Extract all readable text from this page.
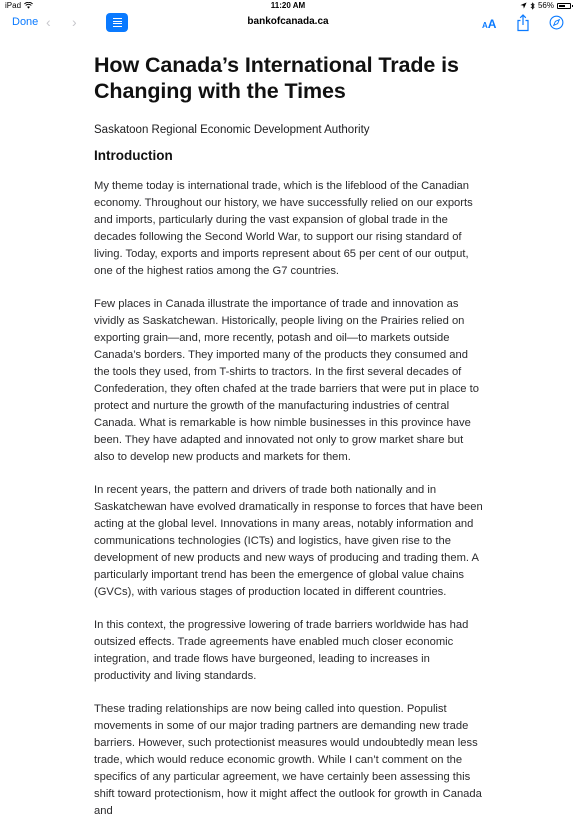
iPad	11:20 AM	56%
Done ‹ ›	bankofcanada.ca	AA
How Canada’s International Trade is Changing with the Times

Saskatoon Regional Economic Development Authority

Introduction

My theme today is international trade, which is the lifeblood of the Canadian economy. Throughout our history, we have successfully relied on our exports and imports, particularly during the vast expansion of global trade in the decades following the Second World War, to support our rising standard of living. Today, exports and imports represent about 65 per cent of our output, one of the highest ratios among the G7 countries.

Few places in Canada illustrate the importance of trade and innovation as vividly as Saskatchewan. Historically, people living on the Prairies relied on exporting grain—and, more recently, potash and oil—to markets outside Canada’s borders. They imported many of the products they consumed and the tools they used, from T-shirts to tractors. In the first several decades of Confederation, they often chafed at the trade barriers that were put in place to protect and nurture the growth of the manufacturing industries of central Canada. What is remarkable is how nimble businesses in this province have been. They have adapted and innovated not only to grow market share but also to develop new products and markets for them.

In recent years, the pattern and drivers of trade both nationally and in Saskatchewan have evolved dramatically in response to forces that have been acting at the global level. Innovations in many areas, notably information and communications technologies (ICTs) and logistics, have given rise to the development of new products and new ways of producing and trading them. A particularly important trend has been the emergence of global value chains (GVCs), with various stages of production located in different countries.

In this context, the progressive lowering of trade barriers worldwide has had outsized effects. Trade agreements have enabled much closer economic integration, and trade flows have burgeoned, leading to increases in productivity and living standards.

These trading relationships are now being called into question. Populist movements in some of our major trading partners are demanding new trade barriers. However, such protectionist measures would undoubtedly mean less trade, which would reduce economic growth. While I can’t comment on the specifics of any particular agreement, we have certainly been assessing this shift toward protectionism, how it might affect the outlook for growth in Canada and
